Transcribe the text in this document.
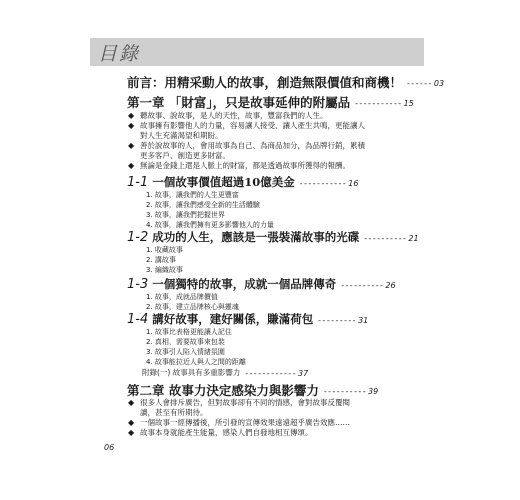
目錄
前言：用精采動人的故事，創造無限價值和商機！ ------ 03
第一章 「財富」，只是故事延伸的附屬品 ----------- 15
◆ 聽故事、說故事，是人的天性，故事，豐富我們的人生。
◆ 故事擁有影響他人的力量，容易讓人接受、讓人產生共鳴，更能讓人
對人生充滿渴望和期盼。
◆ 善於說故事的人，會用故事為自己、為商品加分，為品牌行銷，累積
更多客戶、創造更多財富。
◆ 無論是金錢上還是人脈上的財富，都是透過故事所獲得的報酬。
1-1 一個故事價值超過10億美金 ----------- 16
1. 故事，讓我們的人生更豐富
2. 故事，讓我們感受全新的生活體驗
3. 故事，讓我們把握世界
4. 故事，讓我們擁有更多影響他人的力量
1-2 成功的人生，應該是一張裝滿故事的光碟 ---------- 21
1. 收藏故事
2. 講故事
3. 編織故事
1-3 一個獨特的故事，成就一個品牌傳奇 ---------- 26
1. 故事，成就品牌價值
2. 故事，建立品牌核心與靈魂
1-4 講好故事，建好關係，賺滿荷包 --------- 31
1. 故事比表格更能讓人記住
2. 真相，需要故事來包裝
3. 故事引人陷入情緒氛圍
4. 故事能拉近人與人之間的距離
附錄(一) 故事具有多重影響力 ------------ 37
第二章 故事力決定感染力與影響力 ---------- 39
◆ 很多人會排斥廣告，但對故事卻有不同的情感，會對故事反覆閱
讀，甚至有所期待。
◆ 一個故事一經傳播後，所引發的宣傳效果遠遠超乎廣告效應……
◆ 故事本身就能產生能量，感染人們自發地相互傳頌。
06
